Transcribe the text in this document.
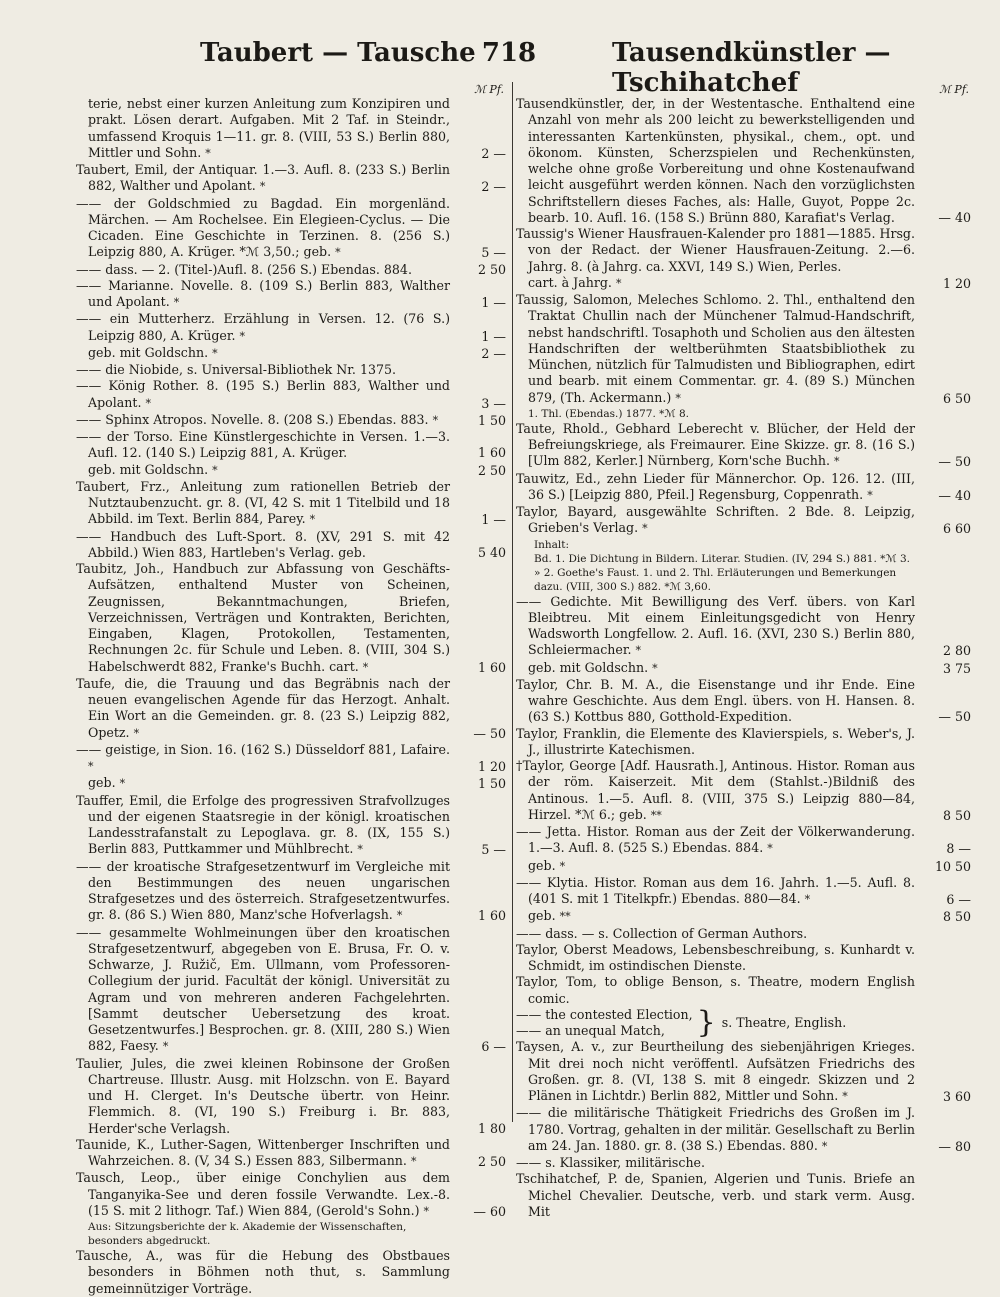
Taubert — Tausche 718	Tausendkünstler — Tschihatchef
ℳ Pf.
terie, nebst einer kurzen Anleitung zum Konzipiren und prakt. Lösen derart. Aufgaben. Mit 2 Taf. in Steindr., umfassend Kroquis 1—11. gr. 8. (VIII, 53 S.) Berlin 880, Mittler und Sohn. *	2 —
Taubert, Emil, der Antiquar. 1.—3. Aufl. 8. (233 S.) Berlin 882, Walther und Apolant. *	2 —
—— der Goldschmied zu Bagdad. Ein morgenländ. Märchen. — Am Rochelsee. Ein Elegieen-Cyclus. — Die Cicaden. Eine Geschichte in Terzinen. 8. (256 S.) Leipzig 880, A. Krüger. *ℳ 3,50.; geb. *	5 —
—— dass. — 2. (Titel-)Aufl. 8. (256 S.) Ebendas. 884.	2 50
—— Marianne. Novelle. 8. (109 S.) Berlin 883, Walther und Apolant. *	1 —
—— ein Mutterherz. Erzählung in Versen. 12. (76 S.) Leipzig 880, A. Krüger. *	1 —
geb. mit Goldschn. *	2 —
—— die Niobide, s. Universal-Bibliothek Nr. 1375.
—— König Rother. 8. (195 S.) Berlin 883, Walther und Apolant. *	3 —
—— Sphinx Atropos. Novelle. 8. (208 S.) Ebendas. 883. *	1 50
—— der Torso. Eine Künstlergeschichte in Versen. 1.—3. Aufl. 12. (140 S.) Leipzig 881, A. Krüger.	1 60
geb. mit Goldschn. *	2 50
Taubert, Frz., Anleitung zum rationellen Betrieb der Nutztaubenzucht. gr. 8. (VI, 42 S. mit 1 Titelbild und 18 Abbild. im Text. Berlin 884, Parey. *	1 —
—— Handbuch des Luft-Sport. 8. (XV, 291 S. mit 42 Abbild.) Wien 883, Hartleben's Verlag. geb.	5 40
Taubitz, Joh., Handbuch zur Abfassung von Geschäfts-Aufsätzen, enthaltend Muster von Scheinen, Zeugnissen, Bekanntmachungen, Briefen, Verzeichnissen, Verträgen und Kontrakten, Berichten, Eingaben, Klagen, Protokollen, Testamenten, Rechnungen 2c. für Schule und Leben. 8. (VIII, 304 S.) Habelschwerdt 882, Franke's Buchh. cart. *	1 60
Taufe, die, die Trauung und das Begräbnis nach der neuen evangelischen Agende für das Herzogt. Anhalt. Ein Wort an die Gemeinden. gr. 8. (23 S.) Leipzig 882, Opetz. *	— 50
—— geistige, in Sion. 16. (162 S.) Düsseldorf 881, Lafaire. *	1 20
geb. *	1 50
Tauffer, Emil, die Erfolge des progressiven Strafvollzuges und der eigenen Staatsregie in der königl. kroatischen Landesstrafanstalt zu Lepoglava. gr. 8. (IX, 155 S.) Berlin 883, Puttkammer und Mühlbrecht. *	5 —
—— der kroatische Strafgesetzentwurf im Vergleiche mit den Bestimmungen des neuen ungarischen Strafgesetzes und des österreich. Strafgesetzentwurfes. gr. 8. (86 S.) Wien 880, Manz'sche Hofverlagsh. *	1 60
—— gesammelte Wohlmeinungen über den kroatischen Strafgesetzentwurf, abgegeben von E. Brusa, Fr. O. v. Schwarze, J. Ružič, Em. Ullmann, vom Professoren-Collegium der jurid. Facultät der königl. Universität zu Agram und von mehreren anderen Fachgelehrten. [Sammt deutscher Uebersetzung des kroat. Gesetzentwurfes.] Besprochen. gr. 8. (XIII, 280 S.) Wien 882, Faesy. *	6 —
Taulier, Jules, die zwei kleinen Robinsone der Großen Chartreuse. Illustr. Ausg. mit Holzschn. von E. Bayard und H. Clerget. In's Deutsche übertr. von Heinr. Flemmich. 8. (VI, 190 S.) Freiburg i. Br. 883, Herder'sche Verlagsh.	1 80
Taunide, K., Luther-Sagen, Wittenberger Inschriften und Wahrzeichen. 8. (V, 34 S.) Essen 883, Silbermann. *	2 50
Tausch, Leop., über einige Conchylien aus dem Tanganyika-See und deren fossile Verwandte. Lex.-8. (15 S. mit 2 lithogr. Taf.) Wien 884, (Gerold's Sohn.) *	— 60
Aus: Sitzungsberichte der k. Akademie der Wissenschaften, besonders abgedruckt.
Tausche, A., was für die Hebung des Obstbaues besonders in Böhmen noth thut, s. Sammlung gemeinnütziger Vorträge.
ℳ Pf.
Tausendkünstler, der, in der Westentasche. Enthaltend eine Anzahl von mehr als 200 leicht zu bewerkstelligenden und interessanten Kartenkünsten, physikal., chem., opt. und ökonom. Künsten, Scherzspielen und Rechenkünsten, welche ohne große Vorbereitung und ohne Kostenaufwand leicht ausgeführt werden können. Nach den vorzüglichsten Schriftstellern dieses Faches, als: Halle, Guyot, Poppe 2c. bearb. 10. Aufl. 16. (158 S.) Brünn 880, Karafiat's Verlag.	— 40
Taussig's Wiener Hausfrauen-Kalender pro 1881—1885. Hrsg. von der Redact. der Wiener Hausfrauen-Zeitung. 2.—6. Jahrg. 8. (à Jahrg. ca. XXVI, 149 S.) Wien, Perles.
cart. à Jahrg. *	1 20
Taussig, Salomon, Meleches Schlomo. 2. Thl., enthaltend den Traktat Chullin nach der Münchener Talmud-Handschrift, nebst handschriftl. Tosaphoth und Scholien aus den ältesten Handschriften der weltberühmten Staatsbibliothek zu München, nützlich für Talmudisten und Bibliographen, edirt und bearb. mit einem Commentar. gr. 4. (89 S.) München 879, (Th. Ackermann.) *	6 50
1. Thl. (Ebendas.) 1877. *ℳ 8.
Taute, Rhold., Gebhard Leberecht v. Blücher, der Held der Befreiungskriege, als Freimaurer. Eine Skizze. gr. 8. (16 S.) [Ulm 882, Kerler.] Nürnberg, Korn'sche Buchh. *	— 50
Tauwitz, Ed., zehn Lieder für Männerchor. Op. 126. 12. (III, 36 S.) [Leipzig 880, Pfeil.] Regensburg, Coppenrath. *	— 40
Taylor, Bayard, ausgewählte Schriften. 2 Bde. 8. Leipzig, Grieben's Verlag. *	6 60
Inhalt:
Bd. 1. Die Dichtung in Bildern. Literar. Studien. (IV, 294 S.) 881. *ℳ 3.
» 2. Goethe's Faust. 1. und 2. Thl. Erläuterungen und Bemerkungen dazu. (VIII, 300 S.) 882. *ℳ 3,60.
—— Gedichte. Mit Bewilligung des Verf. übers. von Karl Bleibtreu. Mit einem Einleitungsgedicht von Henry Wadsworth Longfellow. 2. Aufl. 16. (XVI, 230 S.) Berlin 880, Schleiermacher. *	2 80
geb. mit Goldschn. *	3 75
Taylor, Chr. B. M. A., die Eisenstange und ihr Ende. Eine wahre Geschichte. Aus dem Engl. übers. von H. Hansen. 8. (63 S.) Kottbus 880, Gotthold-Expedition.	— 50
Taylor, Franklin, die Elemente des Klavierspiels, s. Weber's, J. J., illustrirte Katechismen.
†Taylor, George [Adf. Hausrath.], Antinous. Histor. Roman aus der röm. Kaiserzeit. Mit dem (Stahlst.-)Bildniß des Antinous. 1.—5. Aufl. 8. (VIII, 375 S.) Leipzig 880—84, Hirzel. *ℳ 6.; geb. **	8 50
—— Jetta. Histor. Roman aus der Zeit der Völkerwanderung. 1.—3. Aufl. 8. (525 S.) Ebendas. 884. *	8 —
geb. *	10 50
—— Klytia. Histor. Roman aus dem 16. Jahrh. 1.—5. Aufl. 8. (401 S. mit 1 Titelkpfr.) Ebendas. 880—84. *	6 —
geb. **	8 50
—— dass. — s. Collection of German Authors.
Taylor, Oberst Meadows, Lebensbeschreibung, s. Kunhardt v. Schmidt, im ostindischen Dienste.
Taylor, Tom, to oblige Benson, s. Theatre, modern English comic.
—— the contested Election,
—— an unequal Match,	} s. Theatre, English.
Taysen, A. v., zur Beurtheilung des siebenjährigen Krieges. Mit drei noch nicht veröffentl. Aufsätzen Friedrichs des Großen. gr. 8. (VI, 138 S. mit 8 eingedr. Skizzen und 2 Plänen in Lichtdr.) Berlin 882, Mittler und Sohn. *	3 60
—— die militärische Thätigkeit Friedrichs des Großen im J. 1780. Vortrag, gehalten in der militär. Gesellschaft zu Berlin am 24. Jan. 1880. gr. 8. (38 S.) Ebendas. 880. *	— 80
—— s. Klassiker, militärische.
Tschihatchef, P. de, Spanien, Algerien und Tunis. Briefe an Michel Chevalier. Deutsche, verb. und stark verm. Ausg. Mit
